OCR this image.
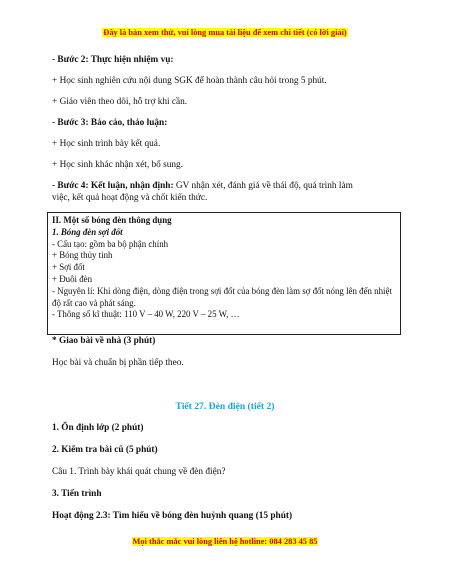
Đây là bản xem thử, vui lòng mua tài liệu để xem chi tiết (có lời giải)
- Bước 2: Thực hiện nhiệm vụ:
+ Học sinh nghiên cứu nội dung SGK để hoàn thành câu hỏi trong 5 phút.
+ Giáo viên theo dõi, hỗ trợ khi cần.
- Bước 3: Báo cáo, thảo luận:
+ Học sinh trình bày kết quả.
+ Học sinh khác nhận xét, bổ sung.
- Bước 4: Kết luận, nhận định: GV nhận xét, đánh giá về thái độ, quá trình làm
việc, kết quả hoạt động và chốt kiến thức.
II. Một số bóng đèn thông dụng
1. Bóng đèn sợi đốt
- Cấu tạo: gồm ba bộ phận chính
+ Bóng thủy tinh
+ Sợi đốt
+ Đuôi đèn
- Nguyên lí: Khi dòng điện, dòng điện trong sợi đốt của bóng đèn làm sợ đốt nóng lên đến nhiệt độ rất cao và phát sáng.
- Thông số kĩ thuật: 110 V – 40 W, 220 V – 25 W, …
* Giao bài về nhà (3 phút)
Học bài và chuẩn bị phần tiếp theo.
Tiết 27. Đèn điện (tiết 2)
1. Ổn định lớp (2 phút)
2. Kiểm tra bài cũ (5 phút)
Câu 1. Trình bày khái quát chung về đèn điện?
3. Tiến trình
Hoạt động 2.3: Tìm hiểu về bóng đèn huỳnh quang (15 phút)
Mọi thắc mắc vui lòng liên hệ hotline: 084 283 45 85
